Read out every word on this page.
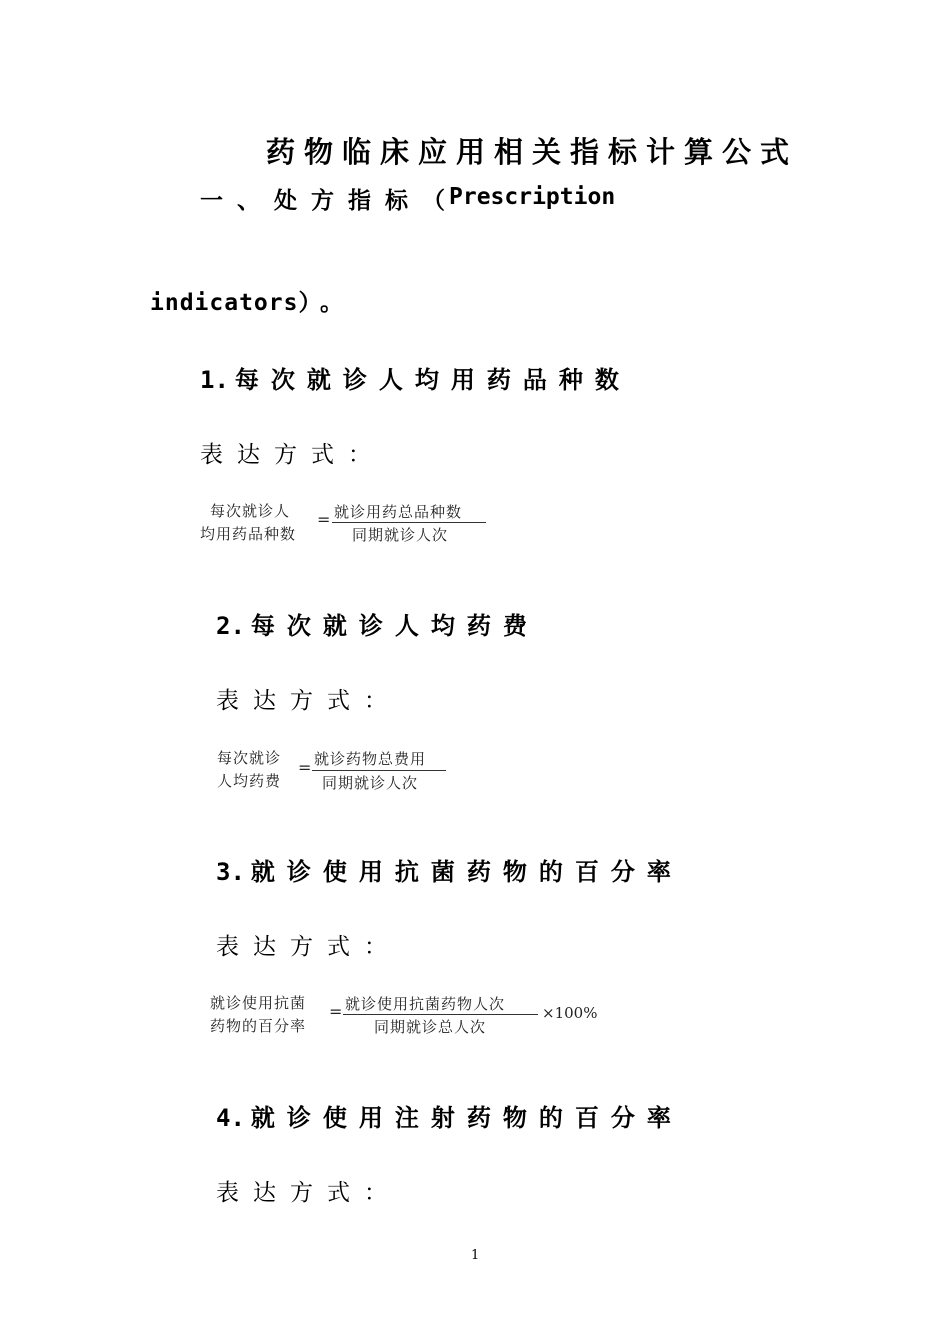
药物临床应用相关指标计算公式
一、处方指标（
Prescription
indicators）。
1. 每次就诊人均用药品种数
表达方式：
每次就诊人
均用药品种数
= 就诊用药总品种数
同期就诊人次
2. 每次就诊人均药费
表达方式：
每次就诊
人均药费
= 就诊药物总费用
同期就诊人次
3. 就诊使用抗菌药物的百分率
表达方式：
就诊使用抗菌
药物的百分率
= 就诊使用抗菌药物人次
同期就诊总人次
×100%
4. 就诊使用注射药物的百分率
表达方式：
1
